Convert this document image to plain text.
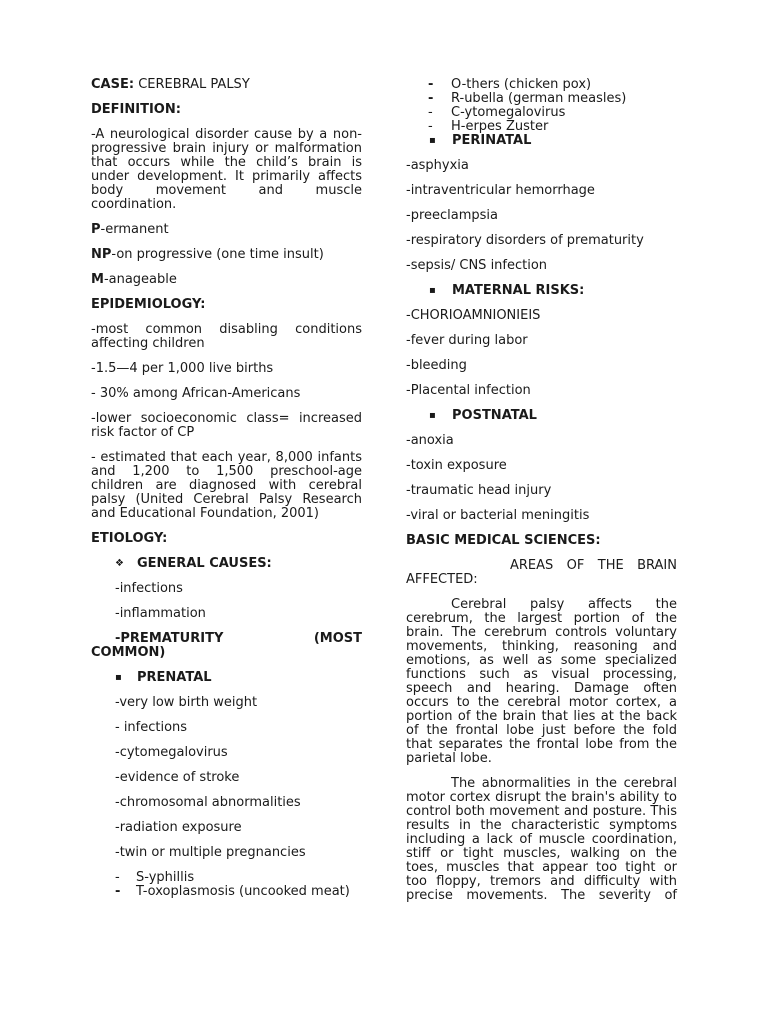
CASE: CEREBRAL PALSY

DEFINITION:

-A neurological disorder cause by a non-progressive brain injury or malformation that occurs while the child’s brain is under development. It primarily affects body movement and muscle coordination.

P-ermanent

NP-on progressive (one time insult)

M-anageable

EPIDEMIOLOGY:

-most common disabling conditions affecting children

-1.5—4 per 1,000 live births

- 30% among African-Americans

-lower socioeconomic class= increased risk factor of CP

- estimated that each year, 8,000 infants and 1,200 to 1,500 preschool-age children are diagnosed with cerebral palsy (United Cerebral Palsy Research and Educational Foundation, 2001)

ETIOLOGY:

❖ GENERAL CAUSES:

-infections

-inflammation

-PREMATURITY	(MOST
COMMON)
▪ PRENATAL

-very low birth weight

- infections

-cytomegalovirus

-evidence of stroke

-chromosomal abnormalities

-radiation exposure

-twin or multiple pregnancies

- S-yphillis
- T-oxoplasmosis (uncooked meat)
- O-thers (chicken pox)
- R-ubella (german measles)
- C-ytomegalovirus
- H-erpes Zuster
▪ PERINATAL

-asphyxia

-intraventricular hemorrhage

-preeclampsia

-respiratory disorders of prematurity

-sepsis/ CNS infection

▪ MATERNAL RISKS:

-CHORIOAMNIONIEIS

-fever during labor

-bleeding

-Placental infection

▪ POSTNATAL

-anoxia

-toxin exposure

-traumatic head injury

-viral or bacterial meningitis

BASIC MEDICAL SCIENCES:

AREAS OF THE BRAIN AFFECTED:

Cerebral palsy affects the cerebrum, the largest portion of the brain. The cerebrum controls voluntary movements, thinking, reasoning and emotions, as well as some specialized functions such as visual processing, speech and hearing. Damage often occurs to the cerebral motor cortex, a portion of the brain that lies at the back of the frontal lobe just before the fold that separates the frontal lobe from the parietal lobe.

The abnormalities in the cerebral motor cortex disrupt the brain's ability to control both movement and posture. This results in the characteristic symptoms including a lack of muscle coordination, stiff or tight muscles, walking on the toes, muscles that appear too tight or too floppy, tremors and difficulty with precise movements. The severity of
